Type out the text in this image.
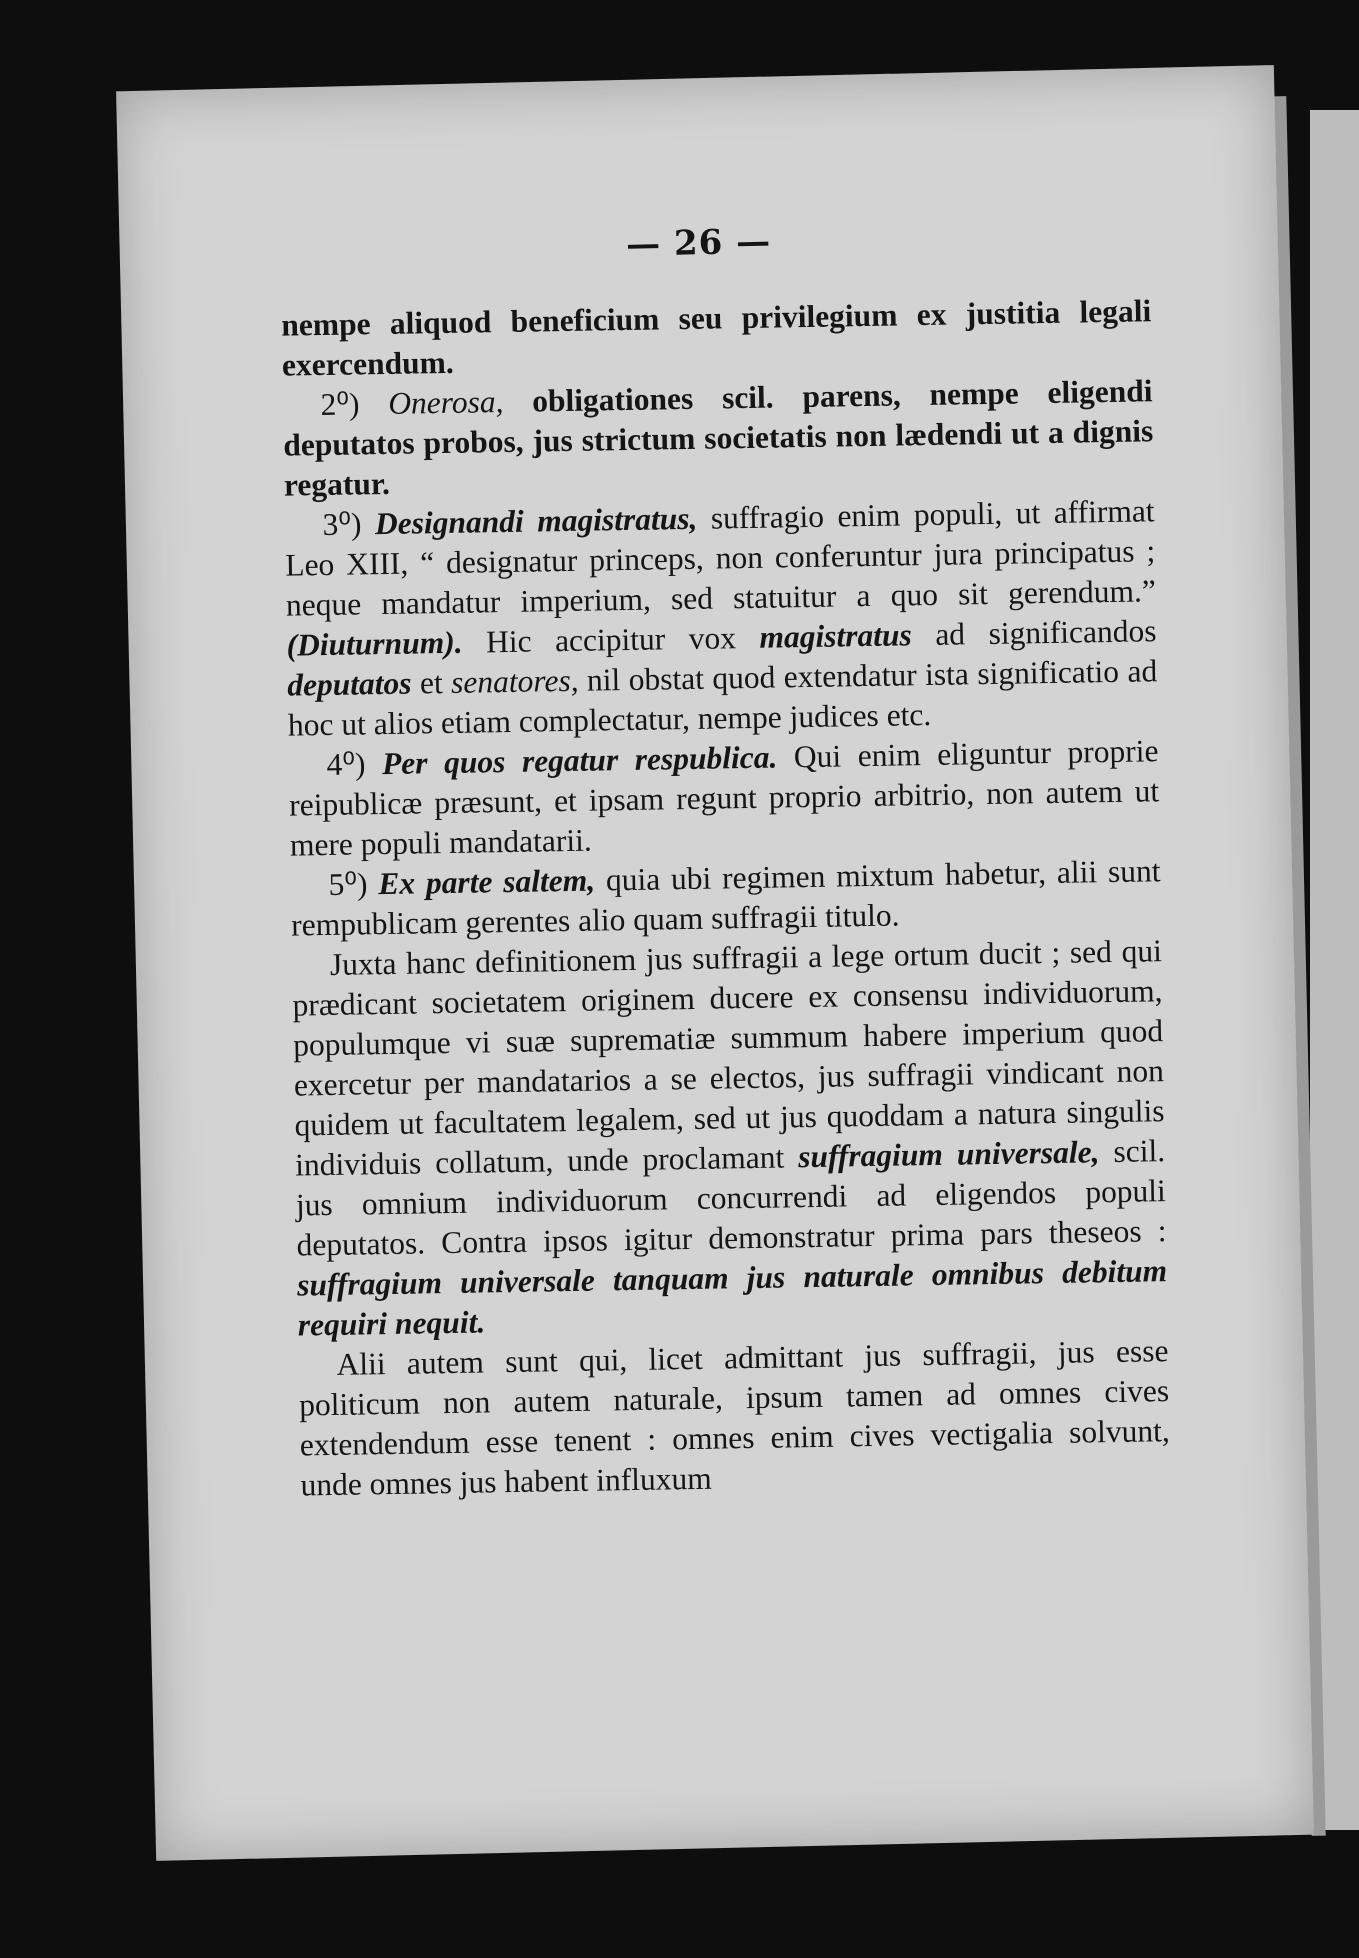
— 26 —

nempe aliquod beneficium seu privilegium ex justitia legali exercendum.

2⁰) Onerosa, obligationes scil. parens, nempe eligendi deputatos probos, jus strictum societatis non lædendi ut a dignis regatur.

3⁰) Designandi magistratus, suffragio enim populi, ut affirmat Leo XIII, “ designatur princeps, non conferuntur jura principatus ; neque mandatur imperium, sed statuitur a quo sit gerendum.” (Diuturnum). Hic accipitur vox magistratus ad significandos deputatos et senatores, nil obstat quod extendatur ista significatio ad hoc ut alios etiam complectatur, nempe judices etc.

4⁰) Per quos regatur respublica. Qui enim eliguntur proprie reipublicæ præsunt, et ipsam regunt proprio arbitrio, non autem ut mere populi mandatarii.

5⁰) Ex parte saltem, quia ubi regimen mixtum habetur, alii sunt rempublicam gerentes alio quam suffragii titulo.

Juxta hanc definitionem jus suffragii a lege ortum ducit ; sed qui prædicant societatem originem ducere ex consensu individuorum, populumque vi suæ suprematiæ summum habere imperium quod exercetur per mandatarios a se electos, jus suffragii vindicant non quidem ut facultatem legalem, sed ut jus quoddam a natura singulis individuis collatum, unde proclamant suffragium universale, scil. jus omnium individuorum concurrendi ad eligendos populi deputatos. Contra ipsos igitur demonstratur prima pars theseos : suffragium universale tanquam jus naturale omnibus debitum requiri nequit.

Alii autem sunt qui, licet admittant jus suffragii, jus esse politicum non autem naturale, ipsum tamen ad omnes cives extendendum esse tenent : omnes enim cives vectigalia solvunt, unde omnes jus habent influxum
